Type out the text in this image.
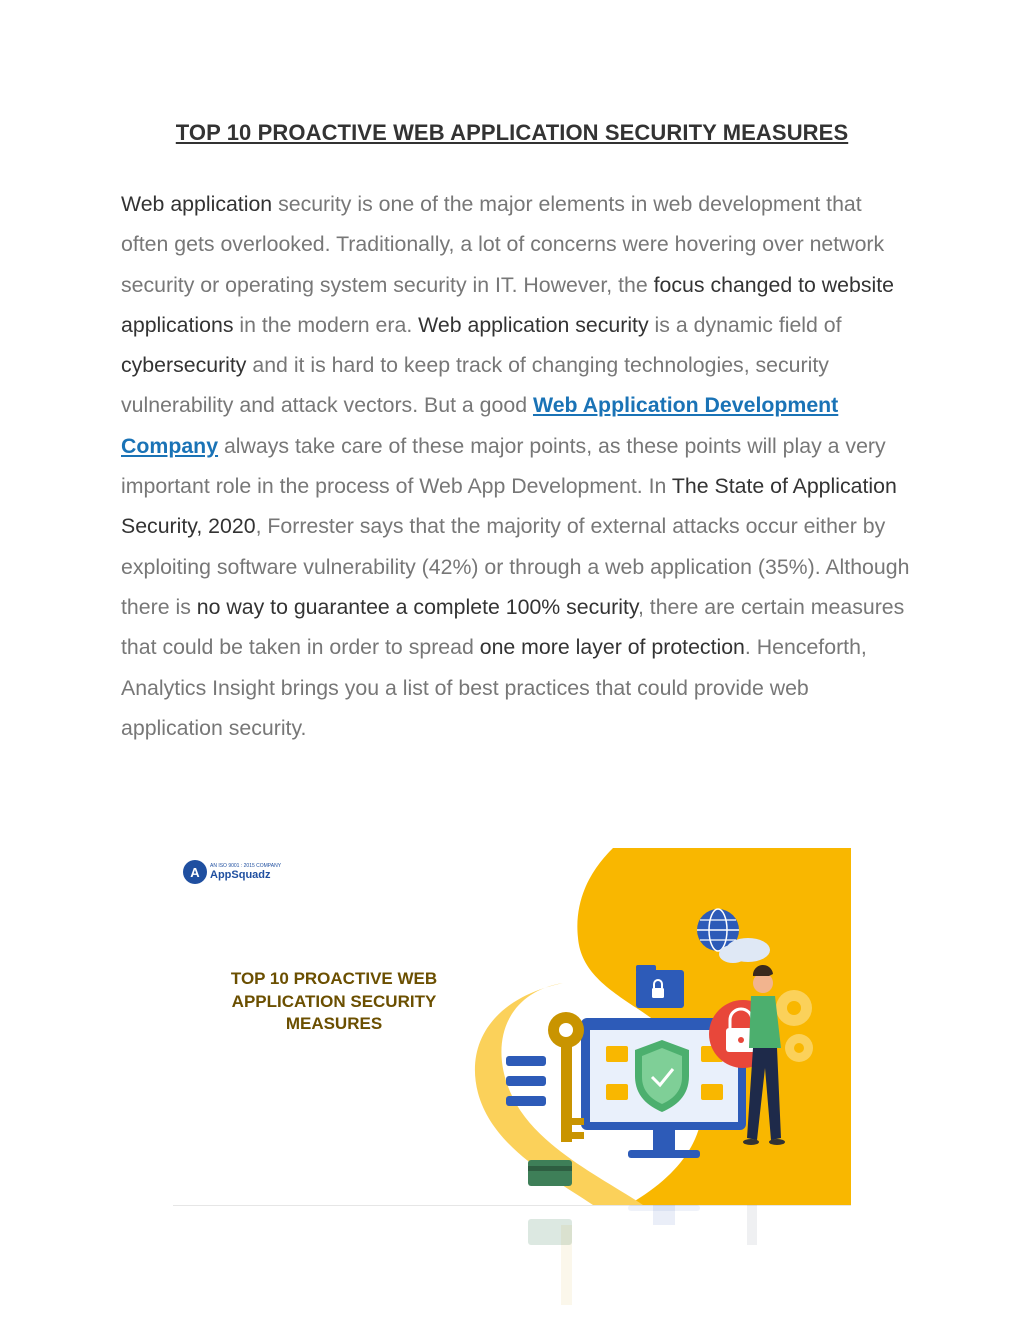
TOP 10 PROACTIVE WEB APPLICATION SECURITY MEASURES
Web application security is one of the major elements in web development that often gets overlooked. Traditionally, a lot of concerns were hovering over network security or operating system security in IT. However, the focus changed to website applications in the modern era. Web application security is a dynamic field of cybersecurity and it is hard to keep track of changing technologies, security vulnerability and attack vectors. But a good Web Application Development Company always take care of these major points, as these points will play a very important role in the process of Web App Development. In The State of Application Security, 2020, Forrester says that the majority of external attacks occur either by exploiting software vulnerability (42%) or through a web application (35%). Although there is no way to guarantee a complete 100% security, there are certain measures that could be taken in order to spread one more layer of protection. Henceforth, Analytics Insight brings you a list of best practices that could provide web application security.
A	AN ISO 9001 : 2015 COMPANY
AppSquadz
TOP 10 PROACTIVE WEB APPLICATION SECURITY MEASURES
